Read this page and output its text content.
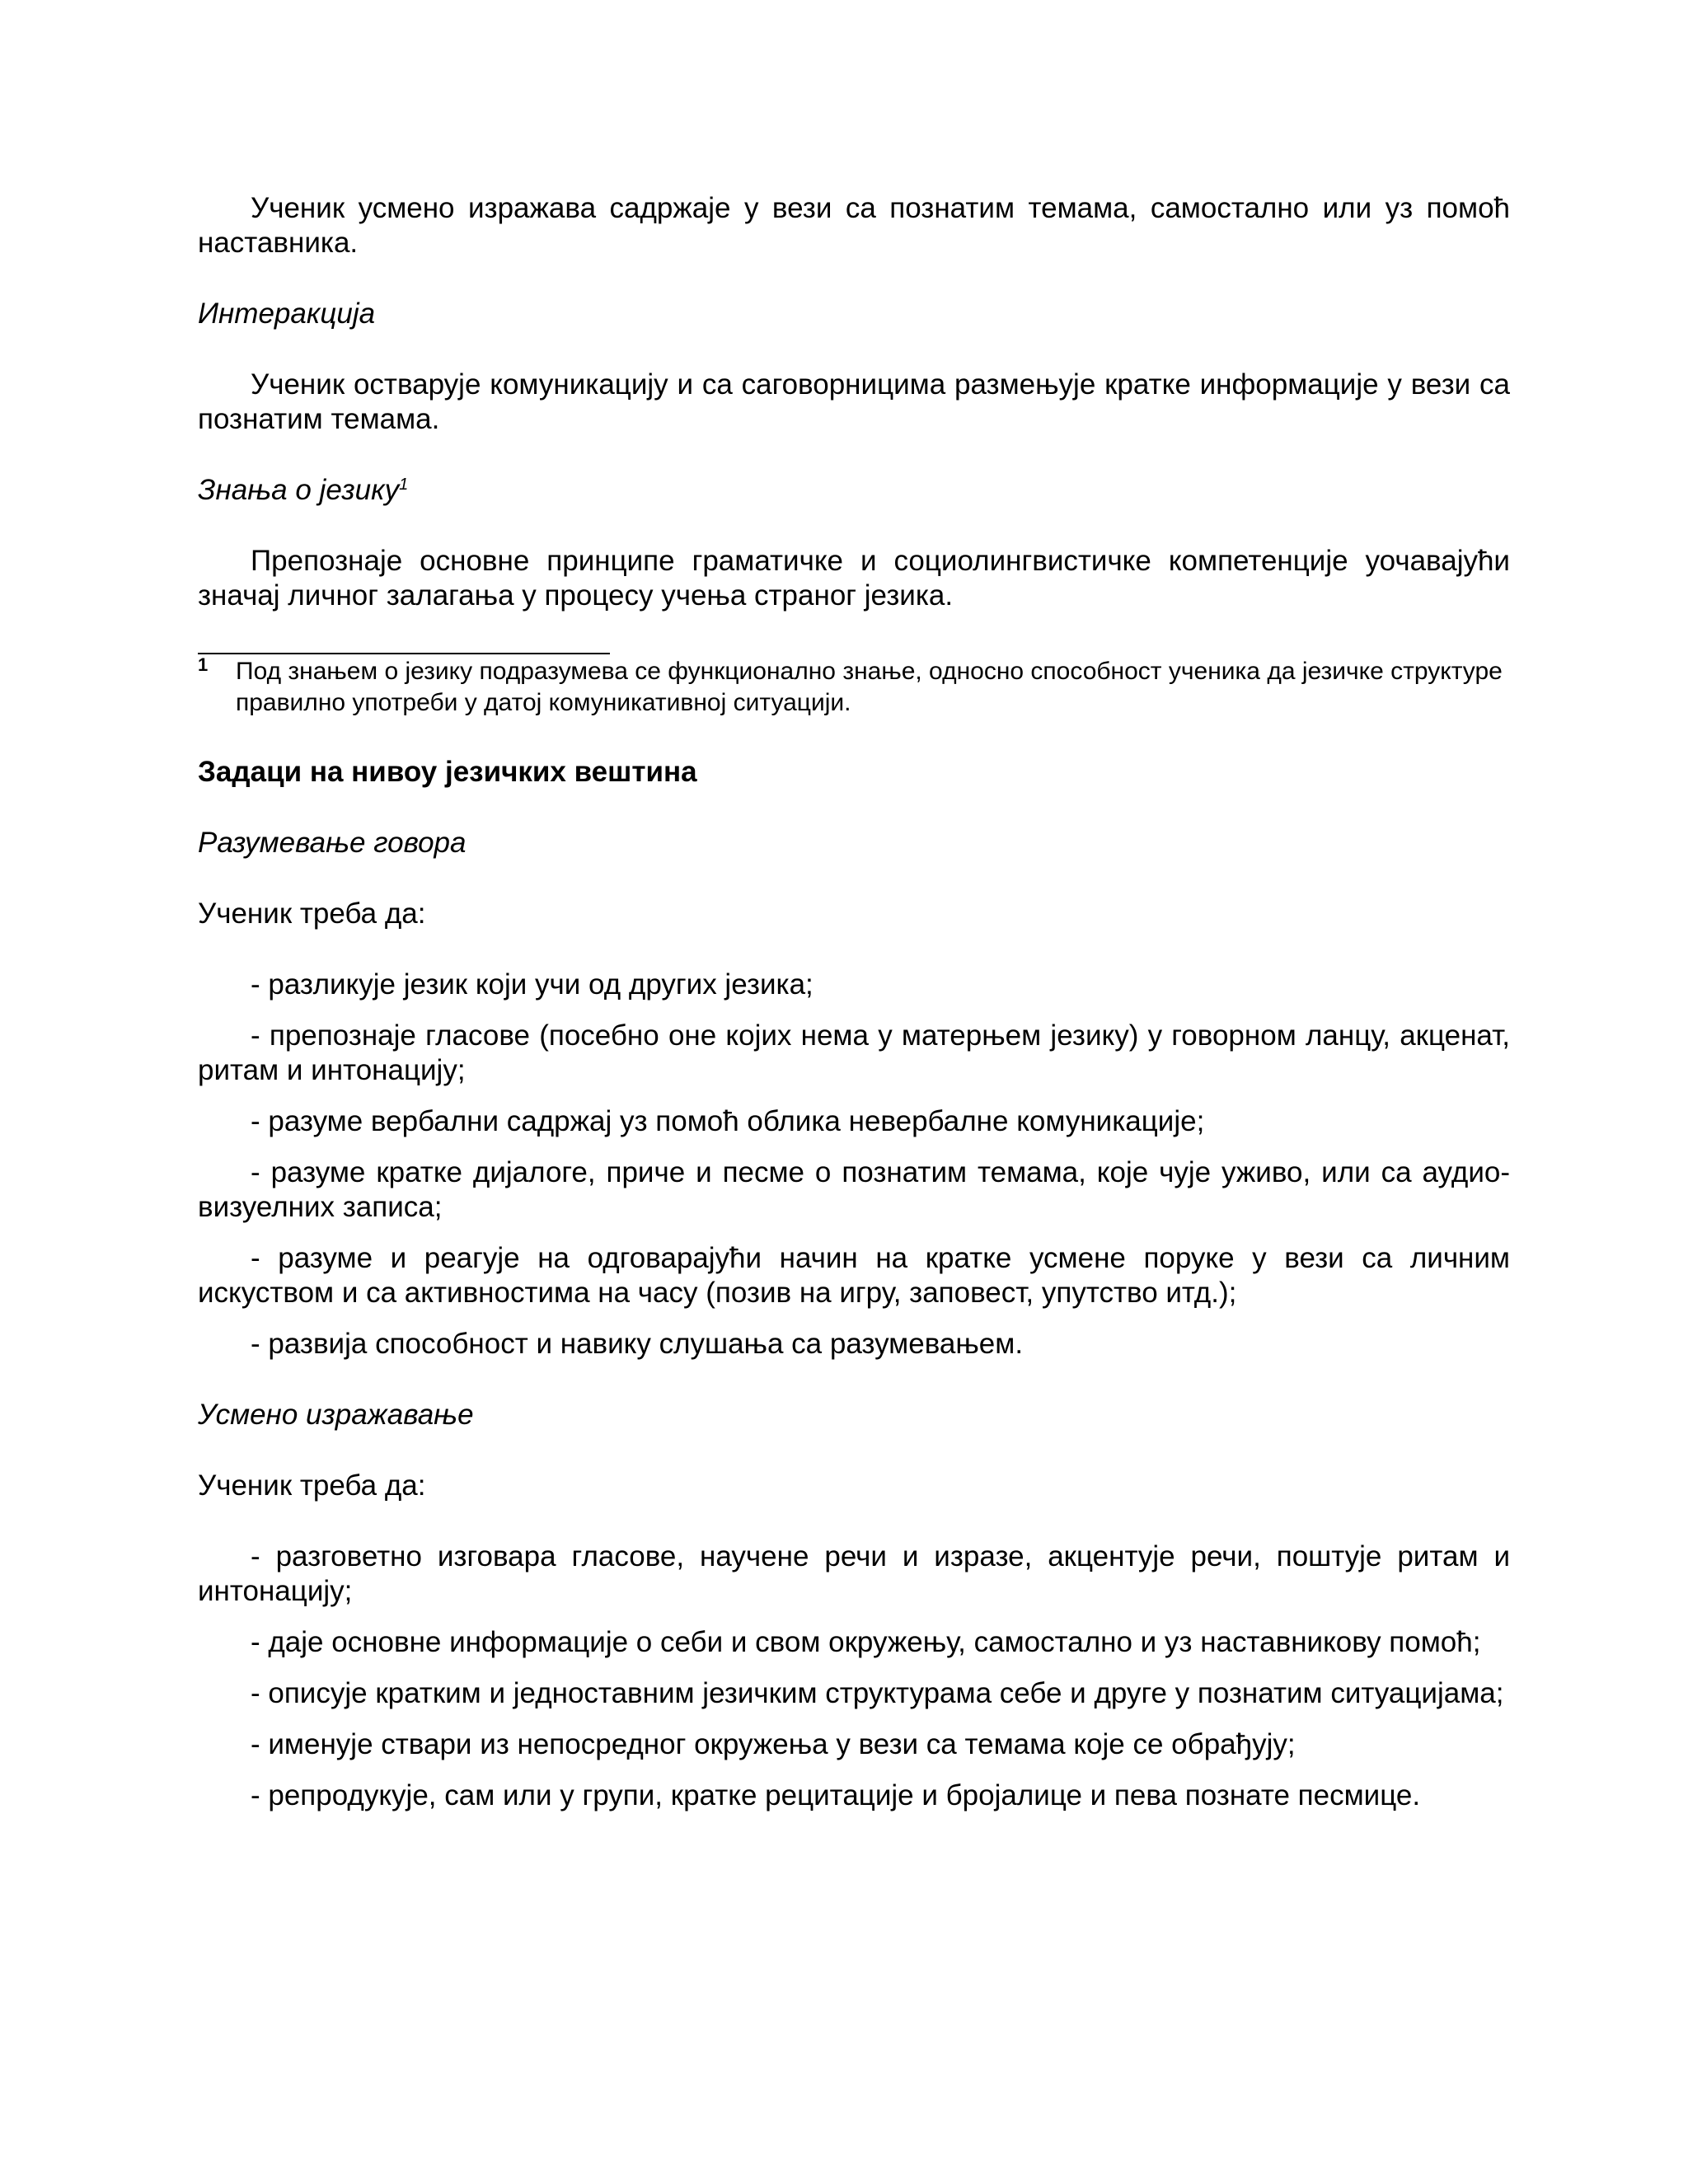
Ученик усмено изражава садржаје у вези са познатим темама, самостално или уз помоћ наставника.

Интеракција

Ученик остварује комуникацију и са саговорницима размењује кратке информације у вези са познатим темама.

Знања о језику$^1$

Препознаје основне принципе граматичке и социолингвистичке компетенције уочавајући значај личног залагања у процесу учења страног језика.

1 Под знањем о језику подразумева се функционално знање, односно способност ученика да језичке структуре правилно употреби у датој комуникативној ситуацији.

Задаци на нивоу језичких вештина

Разумевање говора

Ученик треба да:

- разликује језик који учи од других језика;

- препознаје гласове (посебно оне којих нема у матерњем језику) у говорном ланцу, акценат, ритам и интонацију;

- разуме вербални садржај уз помоћ облика невербалне комуникације;

- разуме кратке дијалоге, приче и песме о познатим темама, које чује уживо, или са аудио-визуелних записа;

- разуме и реагује на одговарајући начин на кратке усмене поруке у вези са личним искуством и са активностима на часу (позив на игру, заповест, упутство итд.);

- развија способност и навику слушања са разумевањем.

Усмено изражавање

Ученик треба да:

- разговетно изговара гласове, научене речи и изразе, акцентује речи, поштује ритам и интонацију;

- даје основне информације о себи и свом окружењу, самостално и уз наставникову помоћ;

- описује кратким и једноставним језичким структурама себе и друге у познатим ситуацијама;

- именује ствари из непосредног окружења у вези са темама које се обрађују;

- репродукује, сам или у групи, кратке рецитације и бројалице и пева познате песмице.
